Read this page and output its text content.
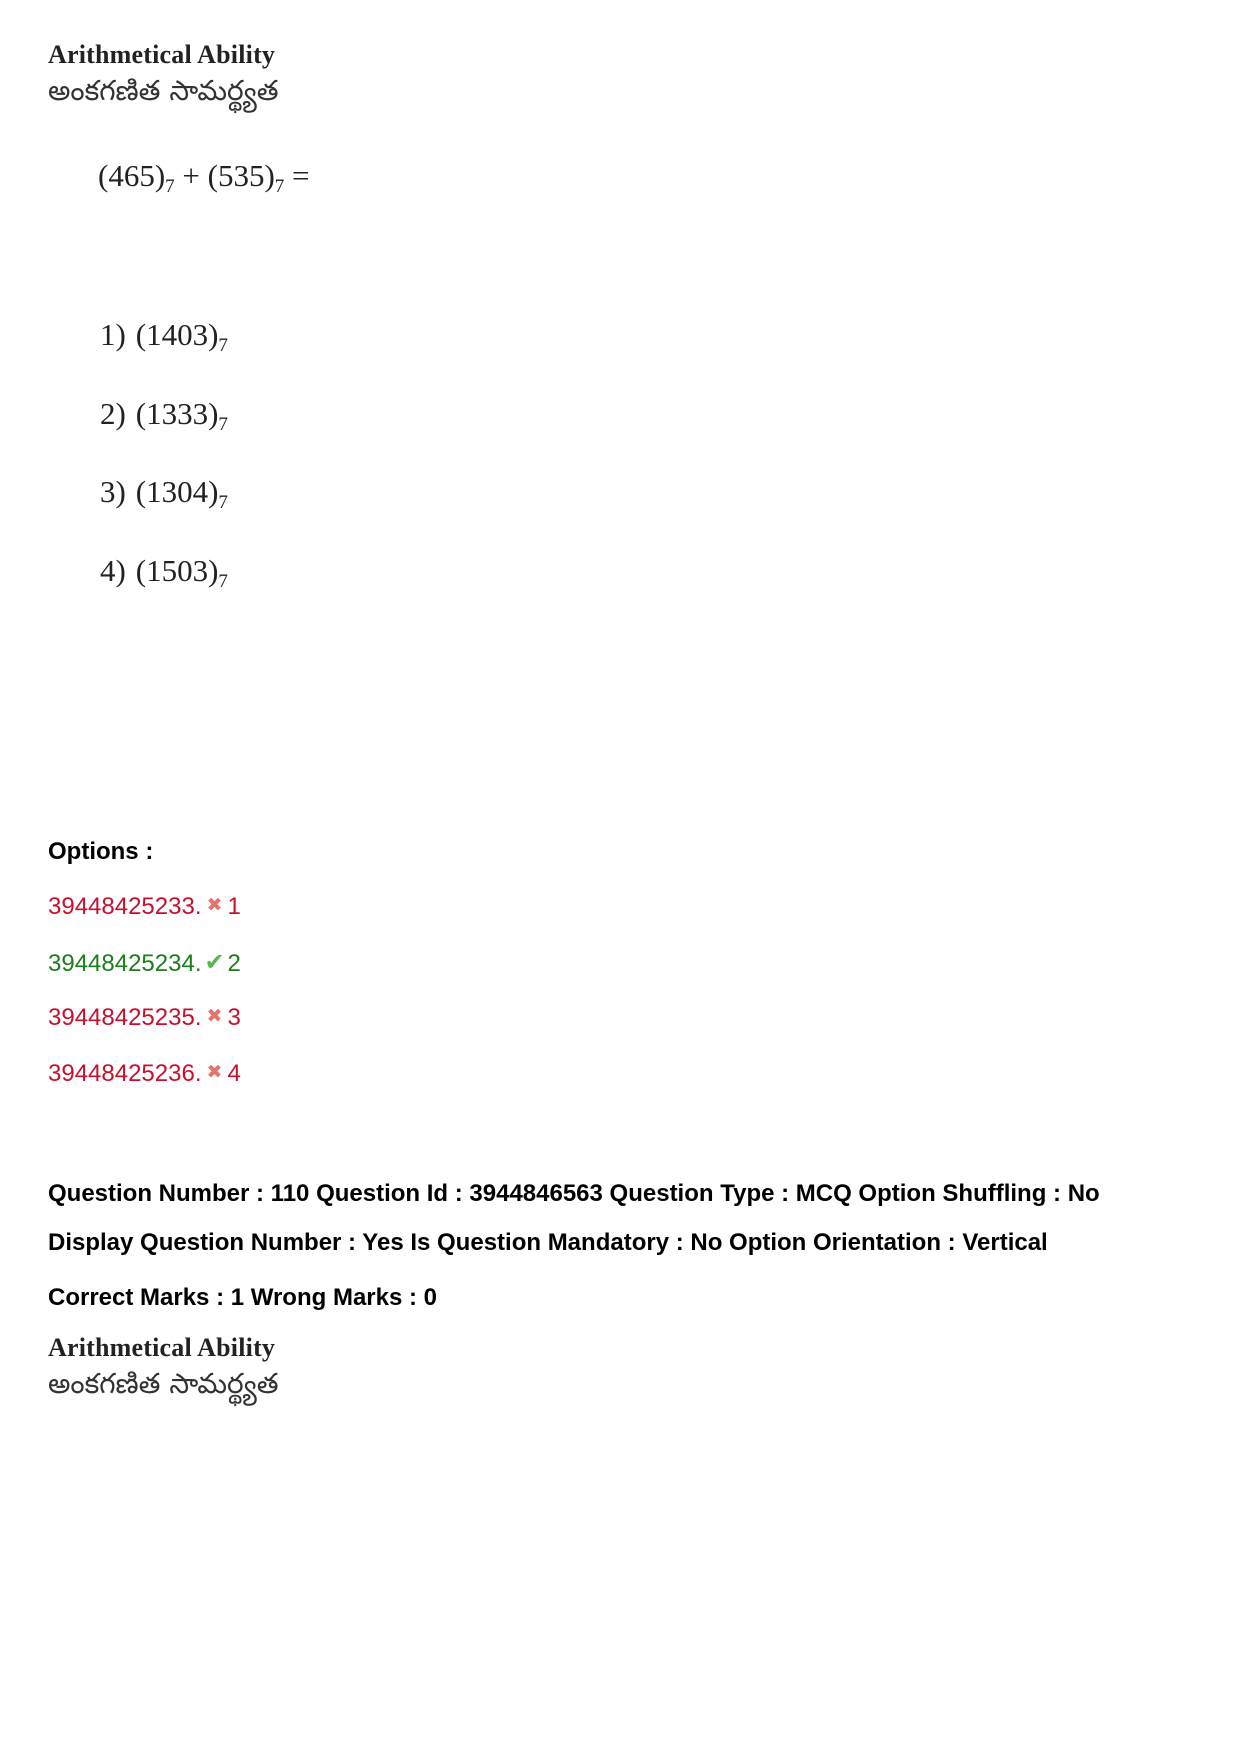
Arithmetical Ability
అంకగణిత సామర్థ్యత
$(465)_7 + (535)_7$ =
1) $(1403)_7$
2) $(1333)_7$
3) $(1304)_7$
4) $(1503)_7$
Options :
39448425233. ✖ 1
39448425234. ✔ 2
39448425235. ✖ 3
39448425236. ✖ 4
Question Number : 110 Question Id : 3944846563 Question Type : MCQ Option Shuffling : No
Display Question Number : Yes Is Question Mandatory : No Option Orientation : Vertical
Correct Marks : 1 Wrong Marks : 0
Arithmetical Ability
అంకగణిత సామర్థ్యత
